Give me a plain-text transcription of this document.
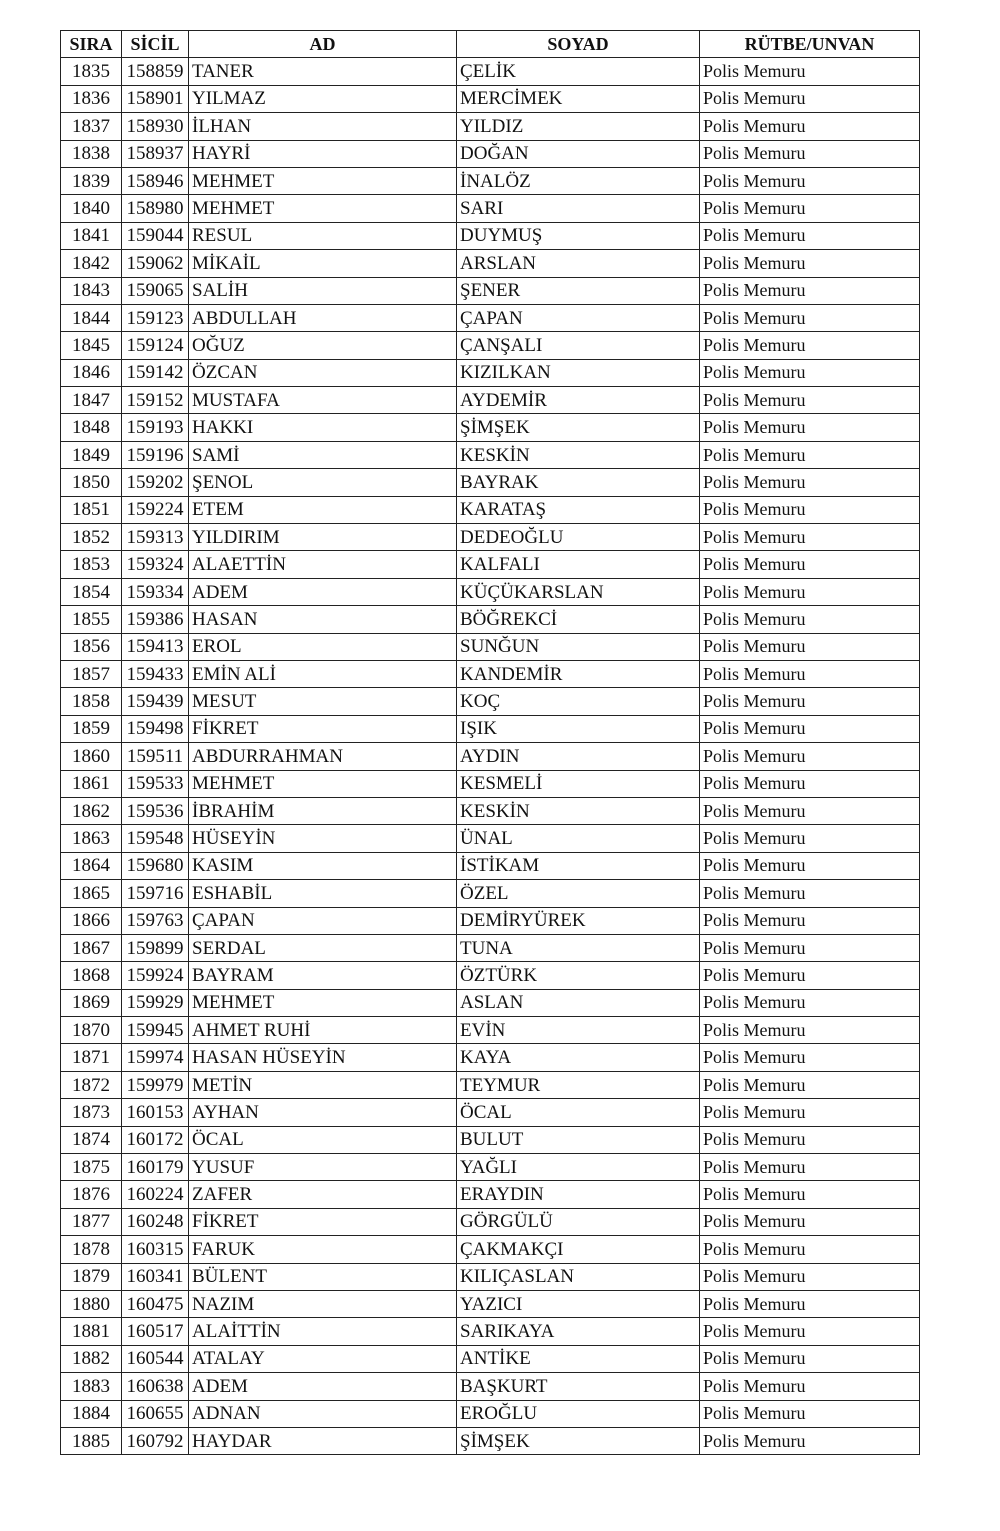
SIRA	SİCİL	AD	SOYAD	RÜTBE/UNVAN
1835	158859	TANER	ÇELİK	Polis Memuru
1836	158901	YILMAZ	MERCİMEK	Polis Memuru
1837	158930	İLHAN	YILDIZ	Polis Memuru
1838	158937	HAYRİ	DOĞAN	Polis Memuru
1839	158946	MEHMET	İNALÖZ	Polis Memuru
1840	158980	MEHMET	SARI	Polis Memuru
1841	159044	RESUL	DUYMUŞ	Polis Memuru
1842	159062	MİKAİL	ARSLAN	Polis Memuru
1843	159065	SALİH	ŞENER	Polis Memuru
1844	159123	ABDULLAH	ÇAPAN	Polis Memuru
1845	159124	OĞUZ	ÇANŞALI	Polis Memuru
1846	159142	ÖZCAN	KIZILKAN	Polis Memuru
1847	159152	MUSTAFA	AYDEMİR	Polis Memuru
1848	159193	HAKKI	ŞİMŞEK	Polis Memuru
1849	159196	SAMİ	KESKİN	Polis Memuru
1850	159202	ŞENOL	BAYRAK	Polis Memuru
1851	159224	ETEM	KARATAŞ	Polis Memuru
1852	159313	YILDIRIM	DEDEOĞLU	Polis Memuru
1853	159324	ALAETTİN	KALFALI	Polis Memuru
1854	159334	ADEM	KÜÇÜKARSLAN	Polis Memuru
1855	159386	HASAN	BÖĞREKCİ	Polis Memuru
1856	159413	EROL	SUNĞUN	Polis Memuru
1857	159433	EMİN ALİ	KANDEMİR	Polis Memuru
1858	159439	MESUT	KOÇ	Polis Memuru
1859	159498	FİKRET	IŞIK	Polis Memuru
1860	159511	ABDURRAHMAN	AYDIN	Polis Memuru
1861	159533	MEHMET	KESMELİ	Polis Memuru
1862	159536	İBRAHİM	KESKİN	Polis Memuru
1863	159548	HÜSEYİN	ÜNAL	Polis Memuru
1864	159680	KASIM	İSTİKAM	Polis Memuru
1865	159716	ESHABİL	ÖZEL	Polis Memuru
1866	159763	ÇAPAN	DEMİRYÜREK	Polis Memuru
1867	159899	SERDAL	TUNA	Polis Memuru
1868	159924	BAYRAM	ÖZTÜRK	Polis Memuru
1869	159929	MEHMET	ASLAN	Polis Memuru
1870	159945	AHMET RUHİ	EVİN	Polis Memuru
1871	159974	HASAN HÜSEYİN	KAYA	Polis Memuru
1872	159979	METİN	TEYMUR	Polis Memuru
1873	160153	AYHAN	ÖCAL	Polis Memuru
1874	160172	ÖCAL	BULUT	Polis Memuru
1875	160179	YUSUF	YAĞLI	Polis Memuru
1876	160224	ZAFER	ERAYDIN	Polis Memuru
1877	160248	FİKRET	GÖRGÜLÜ	Polis Memuru
1878	160315	FARUK	ÇAKMAKÇI	Polis Memuru
1879	160341	BÜLENT	KILIÇASLAN	Polis Memuru
1880	160475	NAZIM	YAZICI	Polis Memuru
1881	160517	ALAİTTİN	SARIKAYA	Polis Memuru
1882	160544	ATALAY	ANTİKE	Polis Memuru
1883	160638	ADEM	BAŞKURT	Polis Memuru
1884	160655	ADNAN	EROĞLU	Polis Memuru
1885	160792	HAYDAR	ŞİMŞEK	Polis Memuru
